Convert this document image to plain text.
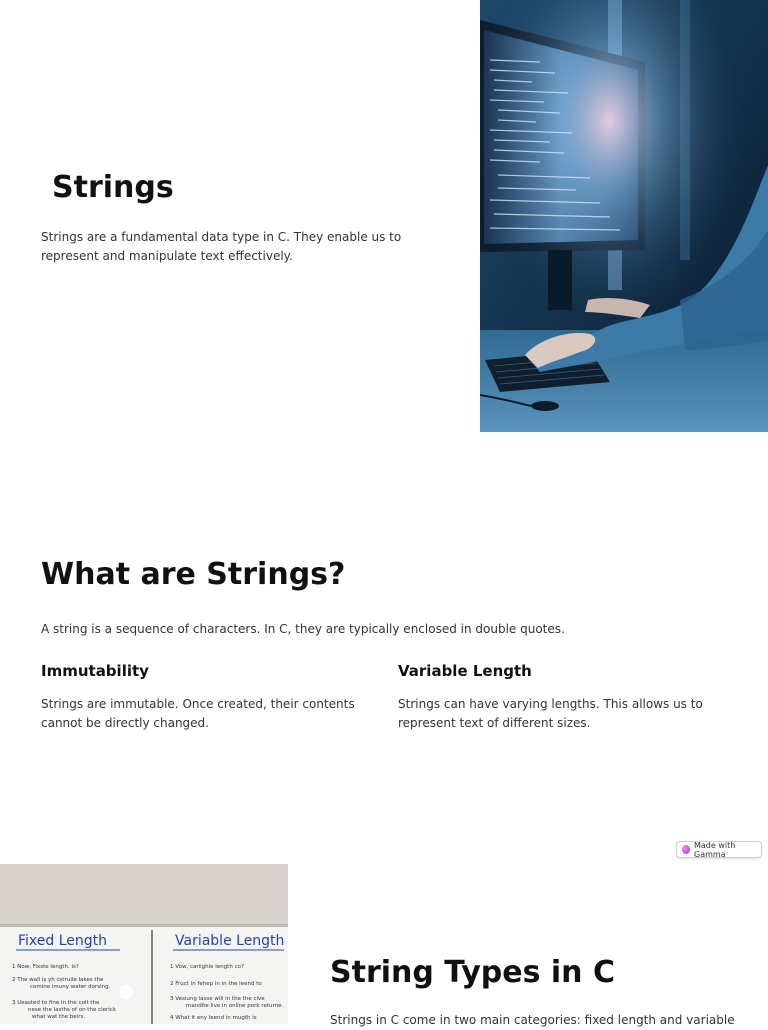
Strings

Strings are a fundamental data type in C. They enable us to represent and manipulate text effectively.

What are Strings?

A string is a sequence of characters. In C, they are typically enclosed in double quotes.

Immutability

Strings are immutable. Once created, their contents cannot be directly changed.

Variable Length

Strings can have varying lengths. This allows us to represent text of different sizes.

Made with Gamma
Fixed Length	Variable Length
1 Now, Fixste length. is?
2 The wall is yh cstruile lakes the
comine imuny water dorsing.
3 Ueasted to fine in the colt the
nese the lasths of on the clerick
what wat the beirs.
1 Vow, cariighle length co?
2 Fruct in fehep in in the leend to
3 Vesiung lasse will in the the cive
mandite live in online pork returne.
4 What it eny leend in mugth is
String Types in C

Strings in C come in two main categories: fixed length and variable
